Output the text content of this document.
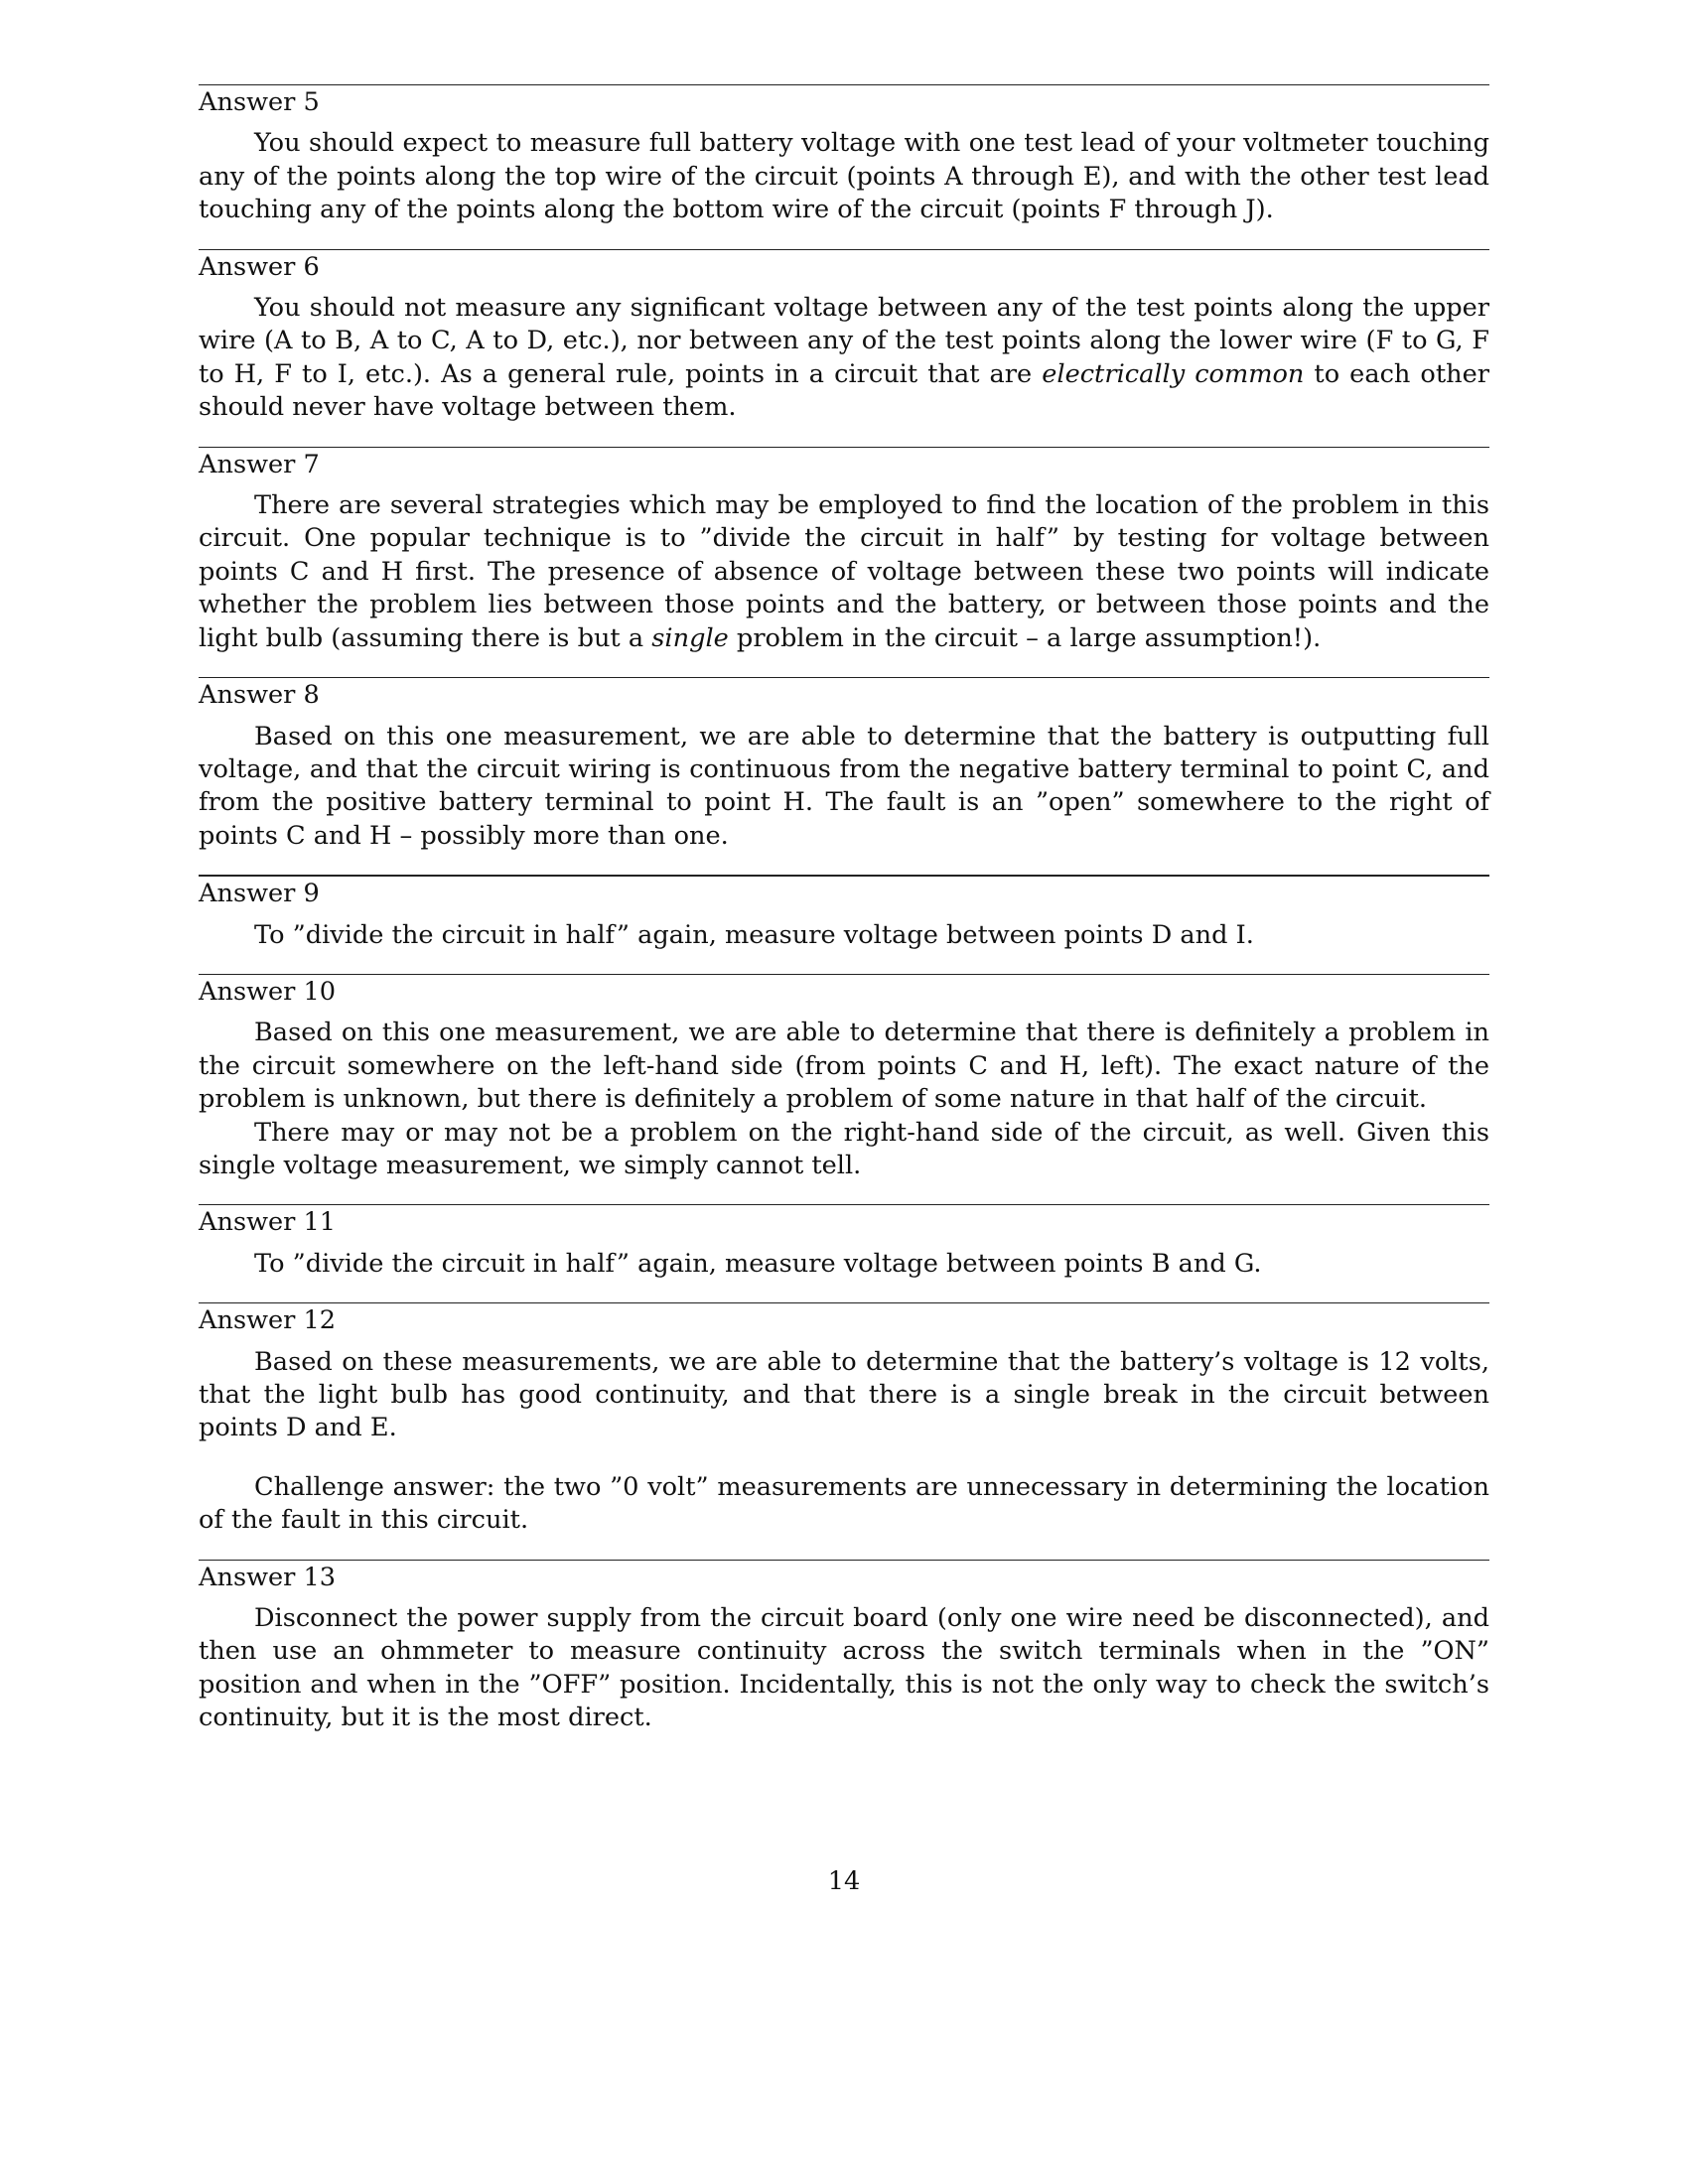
Answer 5

You should expect to measure full battery voltage with one test lead of your voltmeter touching any of the points along the top wire of the circuit (points A through E), and with the other test lead touching any of the points along the bottom wire of the circuit (points F through J).

Answer 6

You should not measure any significant voltage between any of the test points along the upper wire (A to B, A to C, A to D, etc.), nor between any of the test points along the lower wire (F to G, F to H, F to I, etc.). As a general rule, points in a circuit that are electrically common to each other should never have voltage between them.

Answer 7

There are several strategies which may be employed to find the location of the problem in this circuit. One popular technique is to ”divide the circuit in half” by testing for voltage between points C and H first. The presence of absence of voltage between these two points will indicate whether the problem lies between those points and the battery, or between those points and the light bulb (assuming there is but a single problem in the circuit – a large assumption!).

Answer 8

Based on this one measurement, we are able to determine that the battery is outputting full voltage, and that the circuit wiring is continuous from the negative battery terminal to point C, and from the positive battery terminal to point H. The fault is an ”open” somewhere to the right of points C and H – possibly more than one.

Answer 9

To ”divide the circuit in half” again, measure voltage between points D and I.

Answer 10

Based on this one measurement, we are able to determine that there is definitely a problem in the circuit somewhere on the left-hand side (from points C and H, left). The exact nature of the problem is unknown, but there is definitely a problem of some nature in that half of the circuit.

There may or may not be a problem on the right-hand side of the circuit, as well. Given this single voltage measurement, we simply cannot tell.

Answer 11

To ”divide the circuit in half” again, measure voltage between points B and G.

Answer 12

Based on these measurements, we are able to determine that the battery’s voltage is 12 volts, that the light bulb has good continuity, and that there is a single break in the circuit between points D and E.

Challenge answer: the two ”0 volt” measurements are unnecessary in determining the location of the fault in this circuit.

Answer 13

Disconnect the power supply from the circuit board (only one wire need be disconnected), and then use an ohmmeter to measure continuity across the switch terminals when in the ”ON” position and when in the ”OFF” position. Incidentally, this is not the only way to check the switch’s continuity, but it is the most direct.

14
